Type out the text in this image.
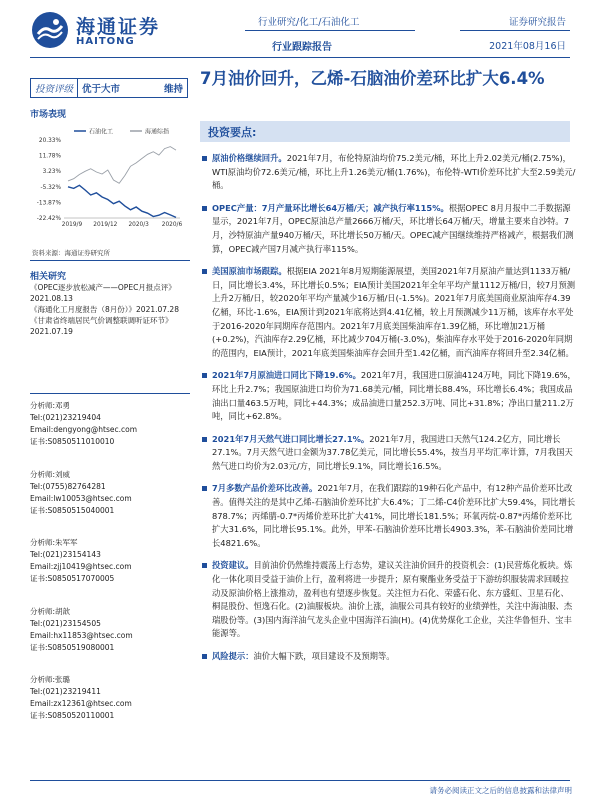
海通证券
HAITONG
行业研究/化工/石油化工
行业跟踪报告
证券研究报告
2021年08月16日
投资评级 优于大市	维持
市场表现
石油化工	海通综指
20.33%
11.78%
3.23%
-5.32%
-13.87%
-22.42%
2019/9 2019/12 2020/3 2020/6
资料来源：海通证券研究所
相关研究
《OPEC逐步放松减产——OPEC月报点评》2021.08.13
《海通化工月度报告（8月份）》2021.07.28
《甘肃省终端居民气价调整联调听证环节》2021.07.19
分析师:邓勇
Tel:(021)23219404
Email:dengyong@htsec.com
证书:S0850511010010
分析师:刘威
Tel:(0755)82764281
Email:lw10053@htsec.com
证书:S0850515040001
分析师:朱军军
Tel:(021)23154143
Email:zjj10419@htsec.com
证书:S0850517070005
分析师:胡歆
Tel:(021)23154505
Email:hx11853@htsec.com
证书:S0850519080001
分析师:张璐
Tel:(021)23219411
Email:zx12361@htsec.com
证书:S0850520110001
7月油价回升，乙烯-石脑油价差环比扩大6.4%
投资要点:
原油价格继续回升。2021年7月，布伦特原油均价75.2美元/桶，环比上升2.02美元/桶(2.75%)，WTI原油均价72.6美元/桶，环比上升1.26美元/桶(1.76%)，布伦特-WTI价差环比扩大至2.59美元/桶。
OPEC产量：7月产量环比增长64万桶/天；减产执行率115%。根据OPEC 8月月报中二手数据源显示，2021年7月，OPEC原油总产量2666万桶/天，环比增长64万桶/天，增量主要来自沙特。7月，沙特原油产量940万桶/天，环比增长50万桶/天。OPEC减产国继续维持严格减产，根据我们测算，OPEC减产国7月减产执行率115%。
美国原油市场跟踪。根据EIA 2021年8月短期能源展望，美国2021年7月原油产量达到1133万桶/日，同比增长3.4%，环比增长0.5%；EIA预计美国2021年全年平均产量1112万桶/日，较7月预测上升2万桶/日，较2020年平均产量减少16万桶/日(-1.5%)。2021年7月底美国商业原油库存4.39亿桶，环比-1.6%，EIA预计到2021年底将达到4.41亿桶，较上月预测减少11万桶，该库存水平处于2016-2020年同期库存范围内。2021年7月底美国柴油库存1.39亿桶，环比增加21万桶(+0.2%)，汽油库存2.29亿桶，环比减少704万桶(-3.0%)，柴油库存水平处于2016-2020年同期的范围内，EIA预计，2021年底美国柴油库存会回升至1.42亿桶，而汽油库存将回升至2.34亿桶。
2021年7月原油进口同比下降19.6%。2021年7月，我国进口原油4124万吨，同比下降19.6%，环比上升2.7%；我国原油进口均价为71.68美元/桶，同比增长88.4%，环比增长6.4%；我国成品油出口量463.5万吨，同比+44.3%；成品油进口量252.3万吨、同比+31.8%；净出口量211.2万吨，同比+62.8%。
2021年7月天然气进口同比增长27.1%。2021年7月，我国进口天然气124.2亿方，同比增长27.1%。7月天然气进口金额为37.78亿美元，同比增长55.4%，按当月平均汇率计算，7月我国天然气进口均价为2.03元/方，同比增长9.1%，同比增长16.5%。
7月多数产品价差环比改善。2021年7月，在我们跟踪的19种石化产品中，有12种产品价差环比改善。值得关注的是其中乙烯-石脑油价差环比扩大6.4%；丁二烯-C4价差环比扩大59.4%，同比增长878.7%；丙烯腈-0.7*丙烯价差环比扩大41%，同比增长181.5%；环氧丙烷-0.87*丙烯价差环比扩大31.6%，同比增长95.1%。此外，甲苯-石脑油价差环比增长4903.3%，苯-石脑油价差同比增长4821.6%。
投资建议。目前油价仍然维持震荡上行态势，建议关注油价回升的投资机会：(1)民营炼化板块。炼化一体化项目受益于油价上行，盈利将进一步提升；原有聚酯业务受益于下游纺织服装需求回暖拉动及原油价格上涨推动，盈利也有望逐步恢复。关注恒力石化、荣盛石化、东方盛虹、卫星石化、桐昆股份、恒逸石化。(2)油服板块。油价上涨，油服公司具有较好的业绩弹性，关注中海油服、杰瑞股份等。(3)国内海洋油气龙头企业中国海洋石油(H)。(4)优势煤化工企业，关注华鲁恒升、宝丰能源等。
风险提示：油价大幅下跌，项目建设不及预期等。
请务必阅读正文之后的信息披露和法律声明
